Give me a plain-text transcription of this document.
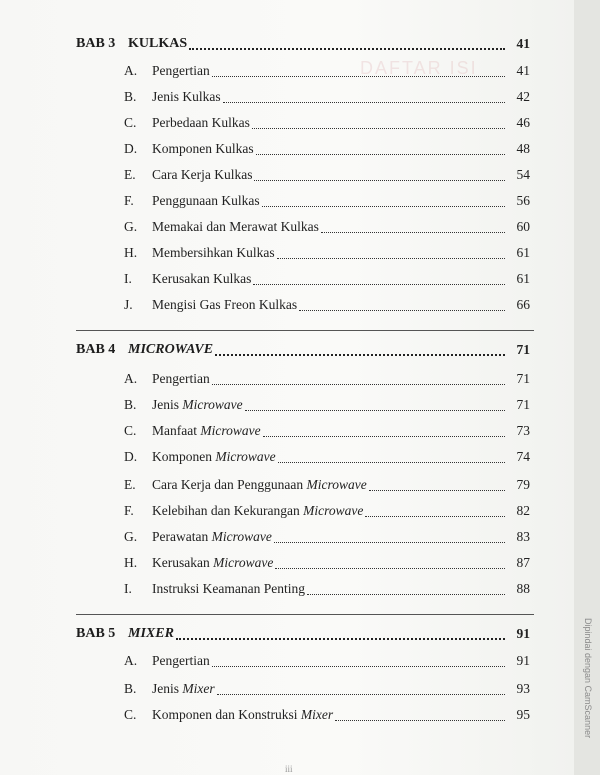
DAFTAR ISI
BAB 3 KULKAS	41
A. Pengertian	41
B. Jenis Kulkas	42
C. Perbedaan Kulkas	46
D. Komponen Kulkas	48
E. Cara Kerja Kulkas	54
F. Penggunaan Kulkas	56
G. Memakai dan Merawat Kulkas	60
H. Membersihkan Kulkas	61
I. Kerusakan Kulkas	61
J. Mengisi Gas Freon Kulkas	66
BAB 4 MICROWAVE	71
A. Pengertian	71
B. Jenis Microwave	71
C. Manfaat Microwave	73
D. Komponen Microwave	74
E. Cara Kerja dan Penggunaan Microwave	79
F. Kelebihan dan Kekurangan Microwave	82
G. Perawatan Microwave	83
H. Kerusakan Microwave	87
I. Instruksi Keamanan Penting	88
BAB 5 MIXER	91
A. Pengertian	91
B. Jenis Mixer	93
C. Komponen dan Konstruksi Mixer	95
iii
Dipindai dengan CamScanner
